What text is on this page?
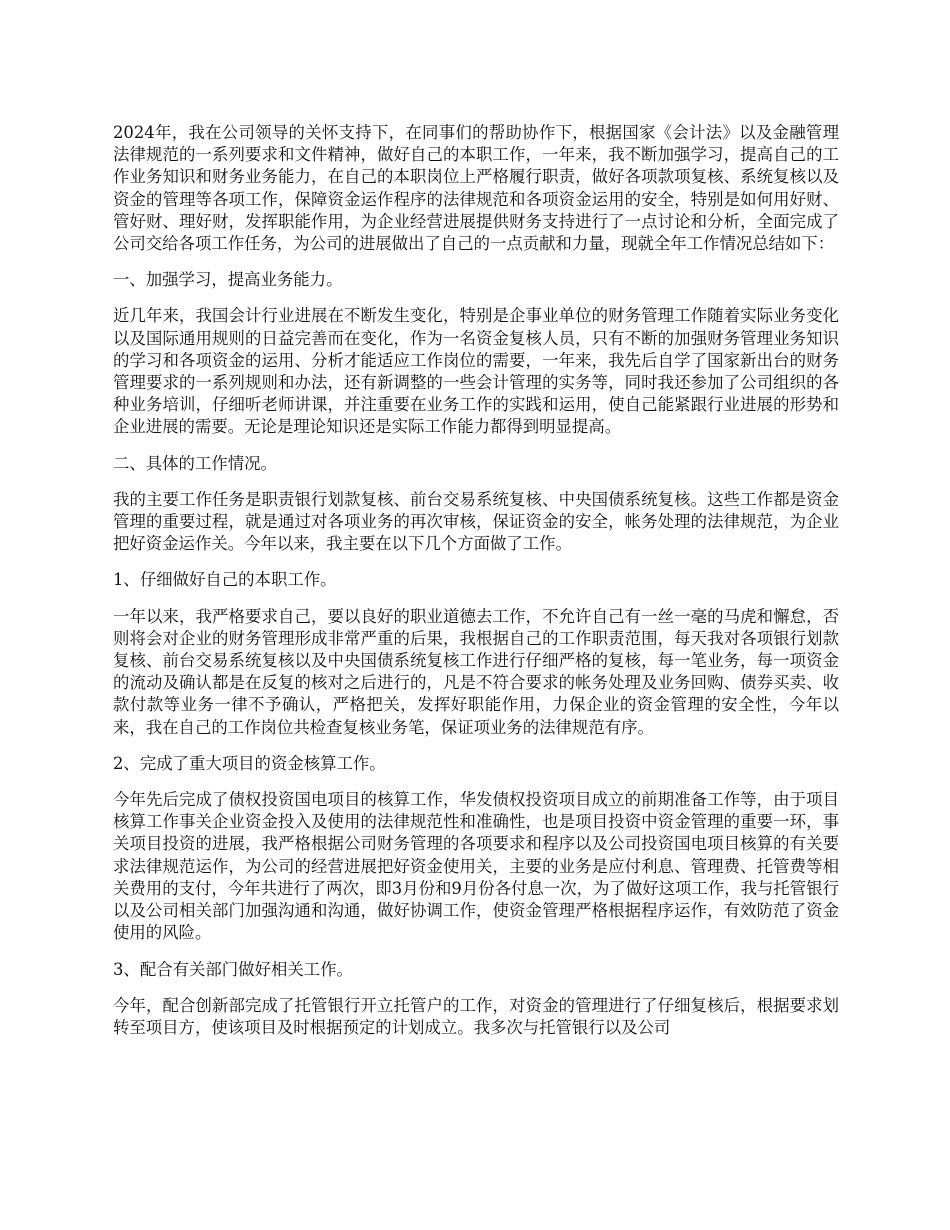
2024年，我在公司领导的关怀支持下，在同事们的帮助协作下，根据国家《会计法》以及金融管理法律规范的一系列要求和文件精神，做好自己的本职工作，一年来，我不断加强学习，提高自己的工作业务知识和财务业务能力，在自己的本职岗位上严格履行职责，做好各项款项复核、系统复核以及资金的管理等各项工作，保障资金运作程序的法律规范和各项资金运用的安全，特别是如何用好财、管好财、理好财，发挥职能作用，为企业经营进展提供财务支持进行了一点讨论和分析，全面完成了公司交给各项工作任务，为公司的进展做出了自己的一点贡献和力量，现就全年工作情况总结如下：

一、加强学习，提高业务能力。

近几年来，我国会计行业进展在不断发生变化，特别是企事业单位的财务管理工作随着实际业务变化以及国际通用规则的日益完善而在变化，作为一名资金复核人员，只有不断的加强财务管理业务知识的学习和各项资金的运用、分析才能适应工作岗位的需要，一年来，我先后自学了国家新出台的财务管理要求的一系列规则和办法，还有新调整的一些会计管理的实务等，同时我还参加了公司组织的各种业务培训，仔细听老师讲课，并注重要在业务工作的实践和运用，使自己能紧跟行业进展的形势和企业进展的需要。无论是理论知识还是实际工作能力都得到明显提高。

二、具体的工作情况。

我的主要工作任务是职责银行划款复核、前台交易系统复核、中央国债系统复核。这些工作都是资金管理的重要过程，就是通过对各项业务的再次审核，保证资金的安全，帐务处理的法律规范，为企业把好资金运作关。今年以来，我主要在以下几个方面做了工作。

1、仔细做好自己的本职工作。

一年以来，我严格要求自己，要以良好的职业道德去工作，不允许自己有一丝一毫的马虎和懈怠，否则将会对企业的财务管理形成非常严重的后果，我根据自己的工作职责范围，每天我对各项银行划款复核、前台交易系统复核以及中央国债系统复核工作进行仔细严格的复核，每一笔业务，每一项资金的流动及确认都是在反复的核对之后进行的，凡是不符合要求的帐务处理及业务回购、债券买卖、收款付款等业务一律不予确认，严格把关，发挥好职能作用，力保企业的资金管理的安全性，今年以来，我在自己的工作岗位共检查复核业务笔，保证项业务的法律规范有序。

2、完成了重大项目的资金核算工作。

今年先后完成了债权投资国电项目的核算工作，华发债权投资项目成立的前期准备工作等，由于项目核算工作事关企业资金投入及使用的法律规范性和准确性，也是项目投资中资金管理的重要一环，事关项目投资的进展，我严格根据公司财务管理的各项要求和程序以及公司投资国电项目核算的有关要求法律规范运作，为公司的经营进展把好资金使用关，主要的业务是应付利息、管理费、托管费等相关费用的支付，今年共进行了两次，即3月份和9月份各付息一次，为了做好这项工作，我与托管银行以及公司相关部门加强沟通和沟通，做好协调工作，使资金管理严格根据程序运作，有效防范了资金使用的风险。

3、配合有关部门做好相关工作。

今年，配合创新部完成了托管银行开立托管户的工作，对资金的管理进行了仔细复核后，根据要求划转至项目方，使该项目及时根据预定的计划成立。我多次与托管银行以及公司
